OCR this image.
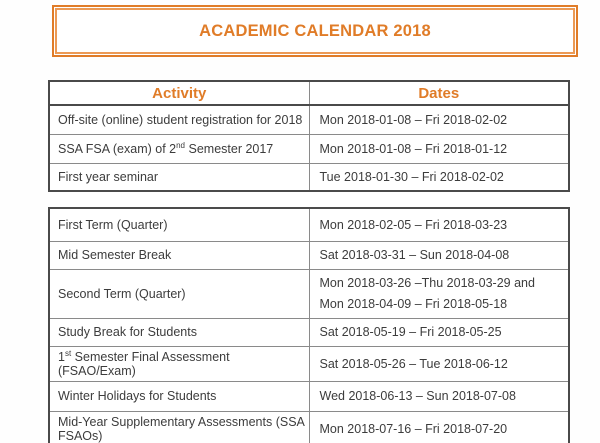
ACADEMIC CALENDAR 2018
Activity	Dates
Off-site (online) student registration for 2018	Mon 2018-01-08 – Fri 2018-02-02
SSA FSA (exam) of 2nd Semester 2017	Mon 2018-01-08 – Fri 2018-01-12
First year seminar	Tue 2018-01-30 – Fri 2018-02-02
First Term (Quarter)	Mon 2018-02-05 – Fri 2018-03-23
Mid Semester Break	Sat 2018-03-31 – Sun 2018-04-08
Second Term (Quarter)	Mon 2018-03-26 –Thu 2018-03-29 and
Mon 2018-04-09 – Fri 2018-05-18

Study Break for Students	Sat 2018-05-19 – Fri 2018-05-25
1st Semester Final Assessment (FSAO/Exam)	Sat 2018-05-26 – Tue 2018-06-12
Winter Holidays for Students	Wed 2018-06-13 – Sun 2018-07-08
Mid-Year Supplementary Assessments (SSA FSAOs)	Mon 2018-07-16 – Fri 2018-07-20
